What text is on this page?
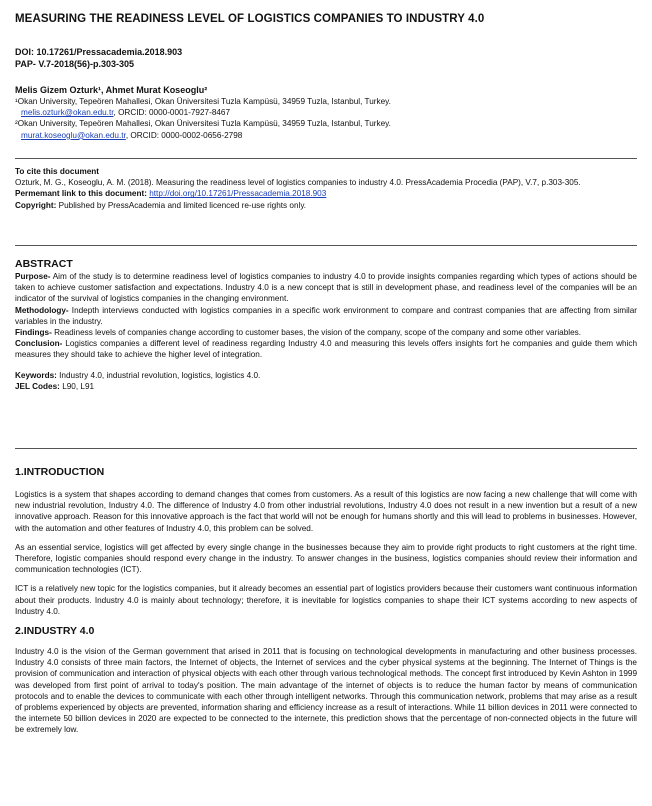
MEASURING THE READINESS LEVEL OF LOGISTICS COMPANIES TO INDUSTRY 4.0
DOI: 10.17261/Pressacademia.2018.903
PAP- V.7-2018(56)-p.303-305
Melis Gizem Ozturk¹, Ahmet Murat Koseoglu²
¹Okan University, Tepeören Mahallesi, Okan Üniversitesi Tuzla Kampüsü, 34959 Tuzla, Istanbul, Turkey.
melis.ozturk@okan.edu.tr, ORCID: 0000-0001-7927-8467
²Okan University, Tepeören Mahallesi, Okan Üniversitesi Tuzla Kampüsü, 34959 Tuzla, Istanbul, Turkey.
murat.koseoglu@okan.edu.tr, ORCID: 0000-0002-0656-2798
To cite this document

Ozturk, M. G., Koseoglu, A. M. (2018). Measuring the readiness level of logistics companies to industry 4.0. PressAcademia Procedia (PAP), V.7, p.303-305.

Permemant link to this document: http://doi.org/10.17261/Pressacademia.2018.903
Copyright: Published by PressAcademia and limited licenced re-use rights only.
ABSTRACT

Purpose- Aim of the study is to determine readiness level of logistics companies to industry 4.0 to provide insights companies regarding which types of actions should be taken to achieve customer satisfaction and expectations. Industry 4.0 is a new concept that is still in development phase, and readiness level of the companies will be an indicator of the survival of logistics companies in the changing environment.

Methodology- Indepth interviews conducted with logistics companies in a specific work environment to compare and contrast companies that are affecting from similar variables in the industry.

Findings- Readiness levels of companies change according to customer bases, the vision of the company, scope of the company and some other variables.

Conclusion- Logistics companies a different level of readiness regarding Industry 4.0 and measuring this levels offers insights fort he companies and guide them which measures they should take to achieve the higher level of integration.

Keywords: Industry 4.0, industrial revolution, logistics, logistics 4.0.
JEL Codes: L90, L91
1.INTRODUCTION

Logistics is a system that shapes according to demand changes that comes from customers. As a result of this logistics are now facing a new challenge that will come with new industrial revolution, Industry 4.0. The difference of Industry 4.0 from other industrial revolutions, Industry 4.0 does not result in a new invention but a result of a new innovative approach. Reason for this innovative approach is the fact that world will not be enough for humans shortly and this will lead to problems in businesses. However, with the automation and other features of Industry 4.0, this problem can be solved.

As an essential service, logistics will get affected by every single change in the businesses because they aim to provide right products to right customers at the right time. Therefore, logistic companies should respond every change in the industry. To answer changes in the business, logistics companies should review their information and communication technologies (ICT).

ICT is a relatively new topic for the logistics companies, but it already becomes an essential part of logistics providers because their customers want continuous information about their products. Industry 4.0 is mainly about technology; therefore, it is inevitable for logistics companies to shape their ICT systems according to new aspects of Industry 4.0.

2.INDUSTRY 4.0

Industry 4.0 is the vision of the German government that arised in 2011 that is focusing on technological developments in manufacturing and other business processes. Industry 4.0 consists of three main factors, the Internet of objects, the Internet of services and the cyber physical systems at the beginning. The Internet of Things is the provision of communication and interaction of physical objects with each other through various technological methods. The concept first introduced by Kevin Ashton in 1999 was developed from first point of arrival to today's position. The main advantage of the internet of objects is to reduce the human factor by means of communication protocols and to enable the devices to communicate with each other through intelligent networks. Through this communication network, problems that may arise as a result of problems experienced by objects are prevented, information sharing and efficiency increase as a result of interactions. While 11 billion devices in 2011 were connected to the internete 50 billion devices in 2020 are expected to be connected to the internete, this prediction shows that the percentage of non-connected objects in the future will be extremely low.
